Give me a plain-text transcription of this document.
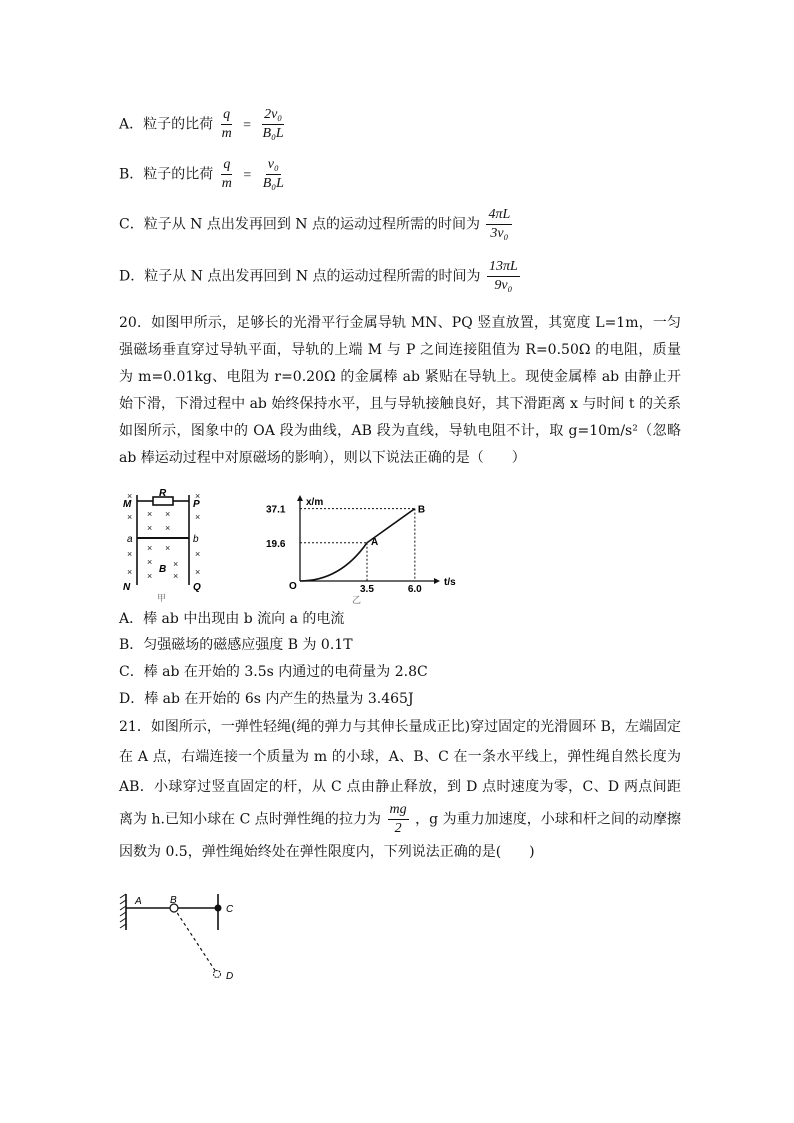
A．粒子的比荷 $\frac{q}{m} = \frac{\text{2v₀}}{\text{B₀L}}$
B．粒子的比荷 $\frac{q}{m} = \frac{\text{v₀}}{\text{B₀L}}$
C．粒子从 N 点出发再回到 N 点的运动过程所需的时间为 $\frac{4\pi L}{\text{3v₀}}$
D．粒子从 N 点出发再回到 N 点的运动过程所需的时间为 $\frac{13\pi L}{\text{9v₀}}$
20．如图甲所示，足够长的光滑平行金属导轨 MN、PQ 竖直放置，其宽度 L=1m，一匀强磁场垂直穿过导轨平面，导轨的上端 M 与 P 之间连接阻值为 R=0.50Ω 的电阻，质量为 m=0.01kg、电阻为 r=0.20Ω 的金属棒 ab 紧贴在导轨上。现使金属棒 ab 由静止开始下滑，下滑过程中 ab 始终保持水平，且与导轨接触良好，其下滑距离 x 与时间 t 的关系如图所示，图象中的 OA 段为曲线，AB 段为直线，导轨电阻不计，取 g=10m/s²（忽略 ab 棒运动过程中对原磁场的影响），则以下说法正确的是（　　）
R
M	P
a	b
B
N	Q
×	×
× × ×	×
× ×
× ×
×	×
× ×
× × × ×
甲
x/m
t/s
O
A
B
37.1
19.6
3.5	6.0
乙
A．棒 ab 中出现由 b 流向 a 的电流
B．匀强磁场的磁感应强度 B 为 0.1T
C．棒 ab 在开始的 3.5s 内通过的电荷量为 2.8C
D．棒 ab 在开始的 6s 内产生的热量为 3.465J
21．如图所示，一弹性轻绳(绳的弹力与其伸长量成正比)穿过固定的光滑圆环 B，左端固定在 A 点，右端连接一个质量为 m 的小球，A、B、C 在一条水平线上，弹性绳自然长度为 AB．小球穿过竖直固定的杆，从 C 点由静止释放，到 D 点时速度为零，C、D 两点间距离为 h.已知小球在 C 点时弹性绳的拉力为 $\frac{mg}{2}$ ，g 为重力加速度，小球和杆之间的动摩擦因数为 0.5，弹性绳始终处在弹性限度内，下列说法正确的是(　　)
A	B
C
D
